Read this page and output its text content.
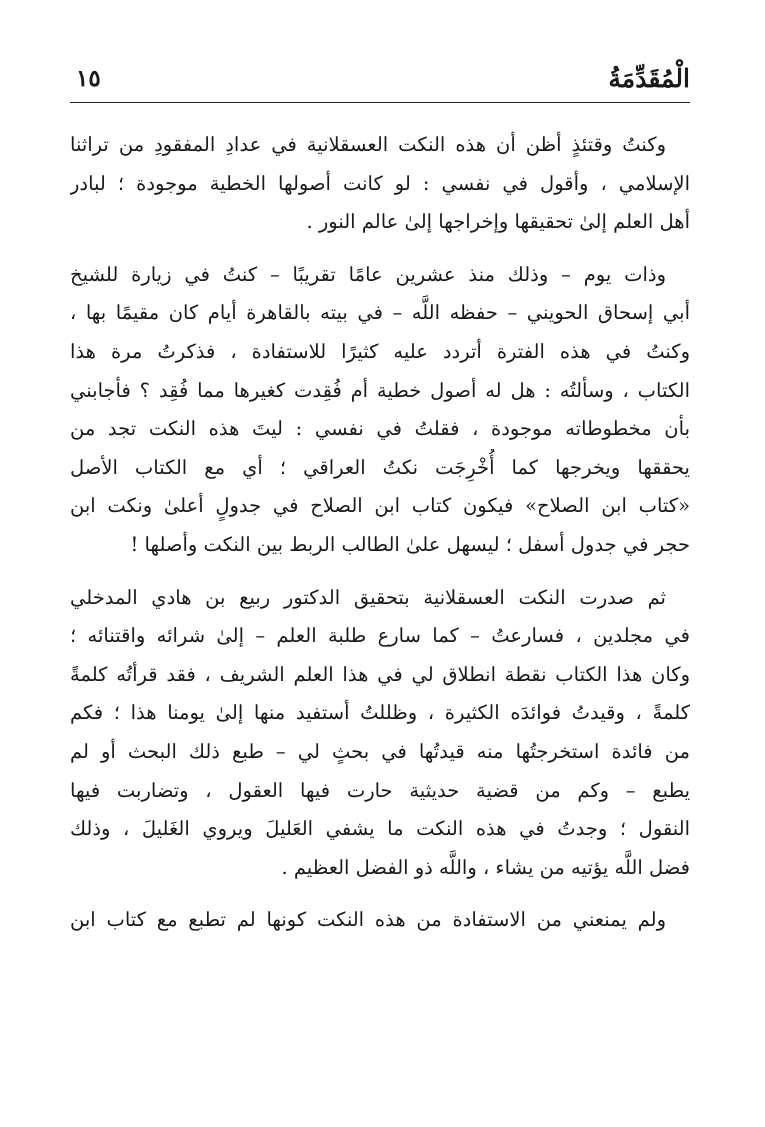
الْمُقَدِّمَةُ
١٥
وكنتُ وقتئذٍ أظن أن هذه النكت العسقلانية في عدادِ المفقودِ من تراثنا
الإسلامي ، وأقول في نفسي : لو كانت أصولها الخطية موجودة ؛ لبادر
أهل العلم إلىٰ تحقيقها وإخراجها إلىٰ عالم النور .
وذات يوم – وذلك منذ عشرين عامًا تقريبًا – كنتُ في زيارة للشيخ
أبي إسحاق الحويني – حفظه اللَّه – في بيته بالقاهرة أيام كان مقيمًا بها ،
وكنتُ في هذه الفترة أتردد عليه كثيرًا للاستفادة ، فذكرتُ مرة هذا
الكتاب ، وسألتُه : هل له أصول خطية أم فُقِدت كغيرها مما فُقِد ؟ فأجابني
بأن مخطوطاته موجودة ، فقلتُ في نفسي : ليتَ هذه النكت تجد من
يحققها ويخرجها كما أُخْرِجَت نكتُ العراقي ؛ أي مع الكتاب الأصل
«كتاب ابن الصلاح» فيكون كتاب ابن الصلاح في جدولٍ أعلىٰ ونكت ابن
حجر في جدول أسفل ؛ ليسهل علىٰ الطالب الربط بين النكت وأصلها !
ثم صدرت النكت العسقلانية بتحقيق الدكتور ربيع بن هادي المدخلي
في مجلدين ، فسارعتُ – كما سارع طلبة العلم – إلىٰ شرائه واقتنائه ؛
وكان هذا الكتاب نقطة انطلاق لي في هذا العلم الشريف ، فقد قرأتُه كلمةً
كلمةً ، وقيدتُ فوائدَه الكثيرة ، وظللتُ أستفيد منها إلىٰ يومنا هذا ؛ فكم
من فائدة استخرجتُها منه قيدتُها في بحثٍ لي – طبع ذلك البحث أو لم
يطبع – وكم من قضية حديثية حارت فيها العقول ، وتضاربت فيها
النقول ؛ وجدتُ في هذه النكت ما يشفي العَليلَ ويروي الغَليلَ ، وذلك
فضل اللَّه يؤتيه من يشاء ، واللَّه ذو الفضل العظيم .
ولم يمنعني من الاستفادة من هذه النكت كونها لم تطبع مع كتاب ابن
